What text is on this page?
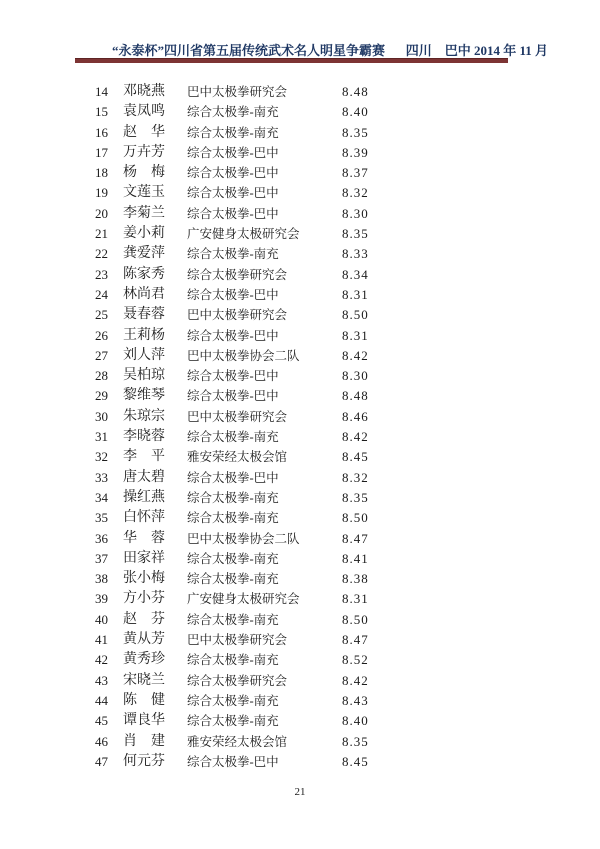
“永泰杯”四川省第五届传统武术名人明星争霸赛 四川　巴中 2014 年 11 月
14 邓晓燕 巴中太极拳研究会	8.48
15 袁凤鸣 综合太极拳-南充	8.40
16 赵　华 综合太极拳-南充	8.35
17 万卉芳 综合太极拳-巴中	8.39
18 杨　梅 综合太极拳-巴中	8.37
19 文莲玉 综合太极拳-巴中	8.32
20 李菊兰 综合太极拳-巴中	8.30
21 姜小莉 广安健身太极研究会	8.35
22 龚爱萍 综合太极拳-南充	8.33
23 陈家秀 综合太极拳研究会	8.34
24 林尚君 综合太极拳-巴中	8.31
25 聂春蓉 巴中太极拳研究会	8.50
26 王莉杨 综合太极拳-巴中	8.31
27 刘人萍 巴中太极拳协会二队	8.42
28 吴柏琼 综合太极拳-巴中	8.30
29 黎维琴 综合太极拳-巴中	8.48
30 朱琼宗 巴中太极拳研究会	8.46
31 李晓蓉 综合太极拳-南充	8.42
32 李　平 雅安荣经太极会馆	8.45
33 唐太碧 综合太极拳-巴中	8.32
34 操红燕 综合太极拳-南充	8.35
35 白怀萍 综合太极拳-南充	8.50
36 华　蓉 巴中太极拳协会二队	8.47
37 田家祥 综合太极拳-南充	8.41
38 张小梅 综合太极拳-南充	8.38
39 方小芬 广安健身太极研究会	8.31
40 赵　芬 综合太极拳-南充	8.50
41 黄从芳 巴中太极拳研究会	8.47
42 黄秀珍 综合太极拳-南充	8.52
43 宋晓兰 综合太极拳研究会	8.42
44 陈　健 综合太极拳-南充	8.43
45 谭良华 综合太极拳-南充	8.40
46 肖　建 雅安荣经太极会馆	8.35
47 何元芬 综合太极拳-巴中	8.45
21
